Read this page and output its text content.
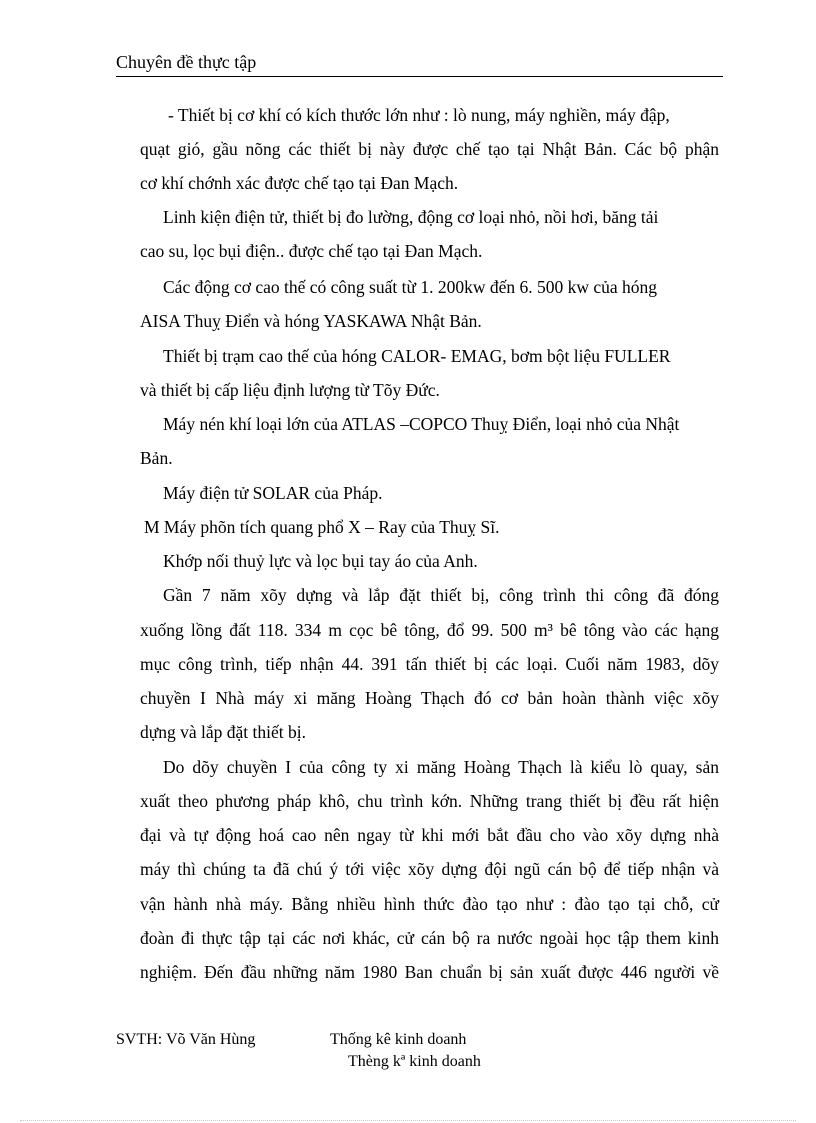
Chuyên đề thực tập
- Thiết bị cơ khí có kích thước lớn như : lò nung, máy nghiền, máy đập,
quạt gió, gầu nõng các thiết bị này được chế tạo tại Nhật Bản. Các bộ phận
cơ khí chớnh xác được chế tạo tại Đan Mạch.
Linh kiện điện tử, thiết bị đo lường, động cơ loại nhỏ, nồi hơi, băng tải
cao su, lọc bụi điện.. được chế tạo tại Đan Mạch.
Các động cơ cao thế có công suất từ 1. 200kw đến 6. 500 kw của hóng
AISA Thuỵ Điển và hóng YASKAWA Nhật Bản.
Thiết bị trạm cao thế của hóng CALOR- EMAG, bơm bột liệu FULLER
và thiết bị cấp liệu định lượng từ Tõy Đức.
Máy nén khí loại lớn của ATLAS –COPCO Thuỵ Điển, loại nhỏ của Nhật
Bản.
Máy điện tử SOLAR của Pháp.
M Máy phõn tích quang phổ X – Ray của Thuỵ Sĩ.
Khớp nối thuỷ lực và lọc bụi tay áo của Anh.
Gần 7 năm xõy dựng và lắp đặt thiết bị, công trình thi công đã đóng
xuống lồng đất 118. 334 m cọc bê tông, đổ 99. 500 m³ bê tông vào các hạng
mục công trình, tiếp nhận 44. 391 tấn thiết bị các loại. Cuối năm 1983, dõy
chuyền I Nhà máy xi măng Hoàng Thạch đó cơ bản hoàn thành việc xõy
dựng và lắp đặt thiết bị.
Do dõy chuyền I của công ty xi măng Hoàng Thạch là kiểu lò quay, sản
xuất theo phương pháp khô, chu trình kớn. Những trang thiết bị đều rất hiện
đại và tự động hoá cao nên ngay từ khi mới bắt đầu cho vào xõy dựng nhà
máy thì chúng ta đã chú ý tới việc xõy dựng đội ngũ cán bộ để tiếp nhận và
vận hành nhà máy. Bằng nhiều hình thức đào tạo như : đào tạo tại chỗ, cử
đoàn đi thực tập tại các nơi khác, cử cán bộ ra nước ngoài học tập them kinh
nghiệm. Đến đầu những năm 1980 Ban chuẩn bị sản xuất được 446 người về
SVTH: Võ Văn Hùng	Thống kê kinh doanh
Thèng kª kinh doanh
